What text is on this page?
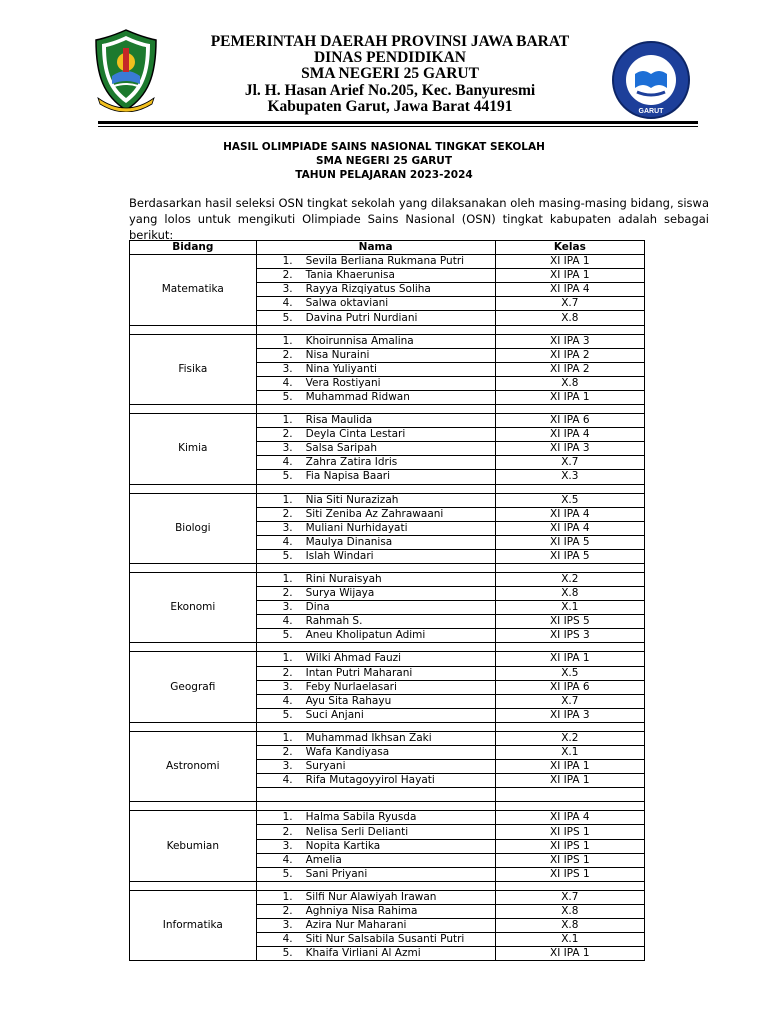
GARUT
PEMERINTAH DAERAH PROVINSI JAWA BARAT
DINAS PENDIDIKAN
SMA NEGERI 25 GARUT
Jl. H. Hasan Arief No.205, Kec. Banyuresmi
Kabupaten Garut, Jawa Barat 44191
HASIL OLIMPIADE SAINS NASIONAL TINGKAT SEKOLAH
SMA NEGERI 25 GARUT
TAHUN PELAJARAN 2023-2024
Berdasarkan hasil seleksi OSN tingkat sekolah yang dilaksanakan oleh masing-masing bidang, siswa yang lolos untuk mengikuti Olimpiade Sains Nasional (OSN) tingkat kabupaten adalah sebagai berikut:
Bidang	Nama	Kelas
Matematika	1. Sevila Berliana Rukmana Putri	XI IPA 1
	2. Tania Khaerunisa	XI IPA 1
	3. Rayya Rizqiyatus Soliha	XI IPA 4
	4. Salwa oktaviani	X.7
	5. Davina Putri Nurdiani	X.8

Fisika	1. Khoirunnisa Amalina	XI IPA 3
	2. Nisa Nuraini	XI IPA 2
	3. Nina Yuliyanti	XI IPA 2
	4. Vera Rostiyani	X.8
	5. Muhammad Ridwan	XI IPA 1

Kimia	1. Risa Maulida	XI IPA 6
	2. Deyla Cinta Lestari	XI IPA 4
	3. Salsa Saripah	XI IPA 3
	4. Zahra Zatira Idris	X.7
	5. Fia Napisa Baari	X.3

Biologi	1. Nia Siti Nurazizah	X.5
	2. Siti Zeniba Az Zahrawaani	XI IPA 4
	3. Muliani Nurhidayati	XI IPA 4
	4. Maulya Dinanisa	XI IPA 5
	5. Islah Windari	XI IPA 5

Ekonomi	1. Rini Nuraisyah	X.2
	2. Surya Wijaya	X.8
	3. Dina	X.1
	4. Rahmah S.	XI IPS 5
	5. Aneu Kholipatun Adimi	XI IPS 3

Geografi	1. Wilki Ahmad Fauzi	XI IPA 1
	2. Intan Putri Maharani	X.5
	3. Feby Nurlaelasari	XI IPA 6
	4. Ayu Sita Rahayu	X.7
	5. Suci Anjani	XI IPA 3

Astronomi	1. Muhammad Ikhsan Zaki	X.2
	2. Wafa Kandiyasa	X.1
	3. Suryani	XI IPA 1
	4. Rifa Mutagoyyirol Hayati	XI IPA 1

Kebumian	1. Halma Sabila Ryusda	XI IPA 4
	2. Nelisa Serli Delianti	XI IPS 1
	3. Nopita Kartika	XI IPS 1
	4. Amelia	XI IPS 1
	5. Sani Priyani	XI IPS 1

Informatika	1. Silfi Nur Alawiyah Irawan	X.7
	2. Aghniya Nisa Rahima	X.8
	3. Azira Nur Maharani	X.8
	4. Siti Nur Salsabila Susanti Putri	X.1
	5. Khaifa Virliani Al Azmi	XI IPA 1
